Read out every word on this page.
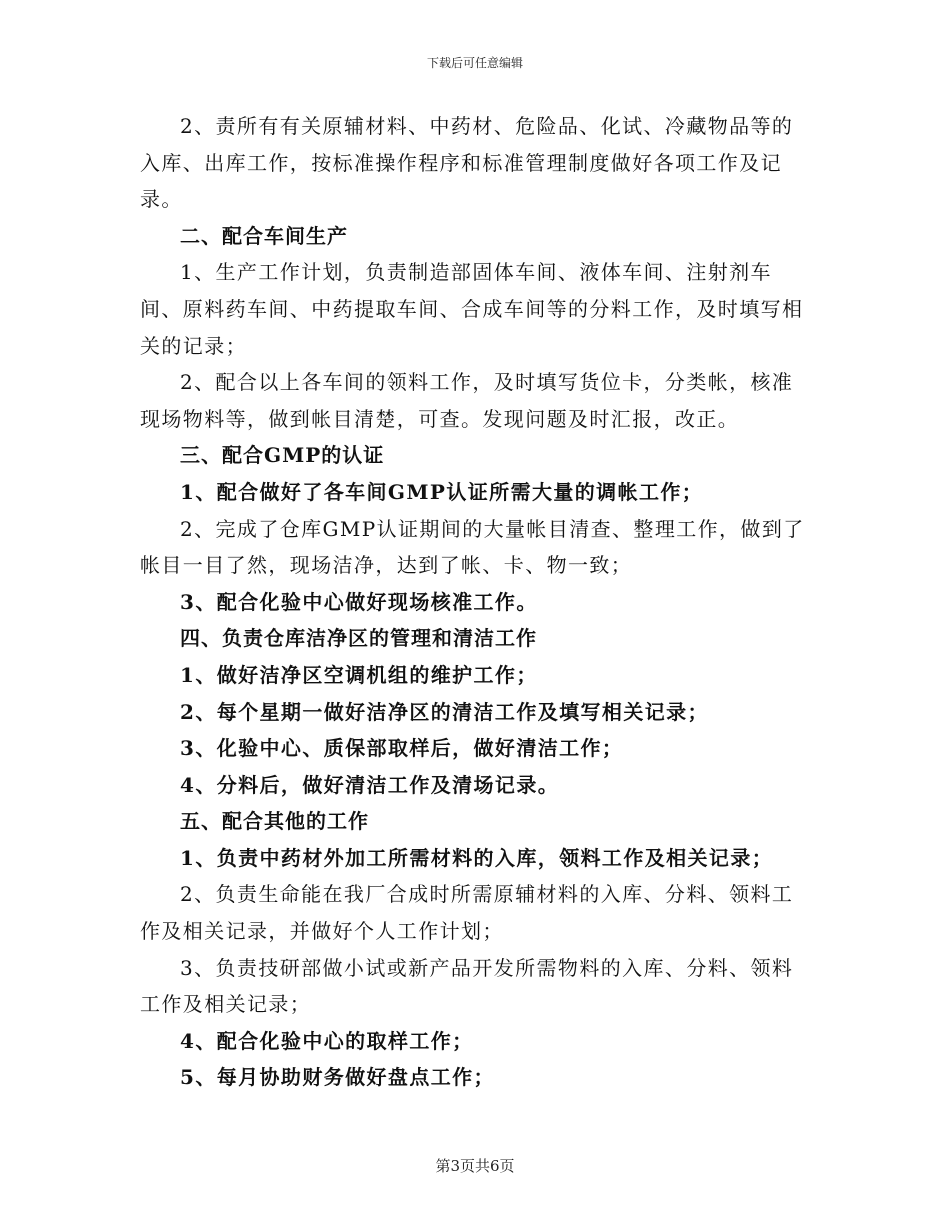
下载后可任意编辑

2、责所有有关原辅材料、中药材、危险品、化试、冷藏物品等的入库、出库工作，按标准操作程序和标准管理制度做好各项工作及记录。

二、配合车间生产

1、生产工作计划，负责制造部固体车间、液体车间、注射剂车间、原料药车间、中药提取车间、合成车间等的分料工作，及时填写相关的记录；

2、配合以上各车间的领料工作，及时填写货位卡，分类帐，核准现场物料等，做到帐目清楚，可查。发现问题及时汇报，改正。

三、配合GMP的认证

1、配合做好了各车间GMP认证所需大量的调帐工作；

2、完成了仓库GMP认证期间的大量帐目清查、整理工作，做到了帐目一目了然，现场洁净，达到了帐、卡、物一致；

3、配合化验中心做好现场核准工作。

四、负责仓库洁净区的管理和清洁工作

1、做好洁净区空调机组的维护工作；

2、每个星期一做好洁净区的清洁工作及填写相关记录；

3、化验中心、质保部取样后，做好清洁工作；

4、分料后，做好清洁工作及清场记录。

五、配合其他的工作

1、负责中药材外加工所需材料的入库，领料工作及相关记录；

2、负责生命能在我厂合成时所需原辅材料的入库、分料、领料工作及相关记录，并做好个人工作计划；

3、负责技研部做小试或新产品开发所需物料的入库、分料、领料工作及相关记录；

4、配合化验中心的取样工作；

5、每月协助财务做好盘点工作；

第3页共6页
